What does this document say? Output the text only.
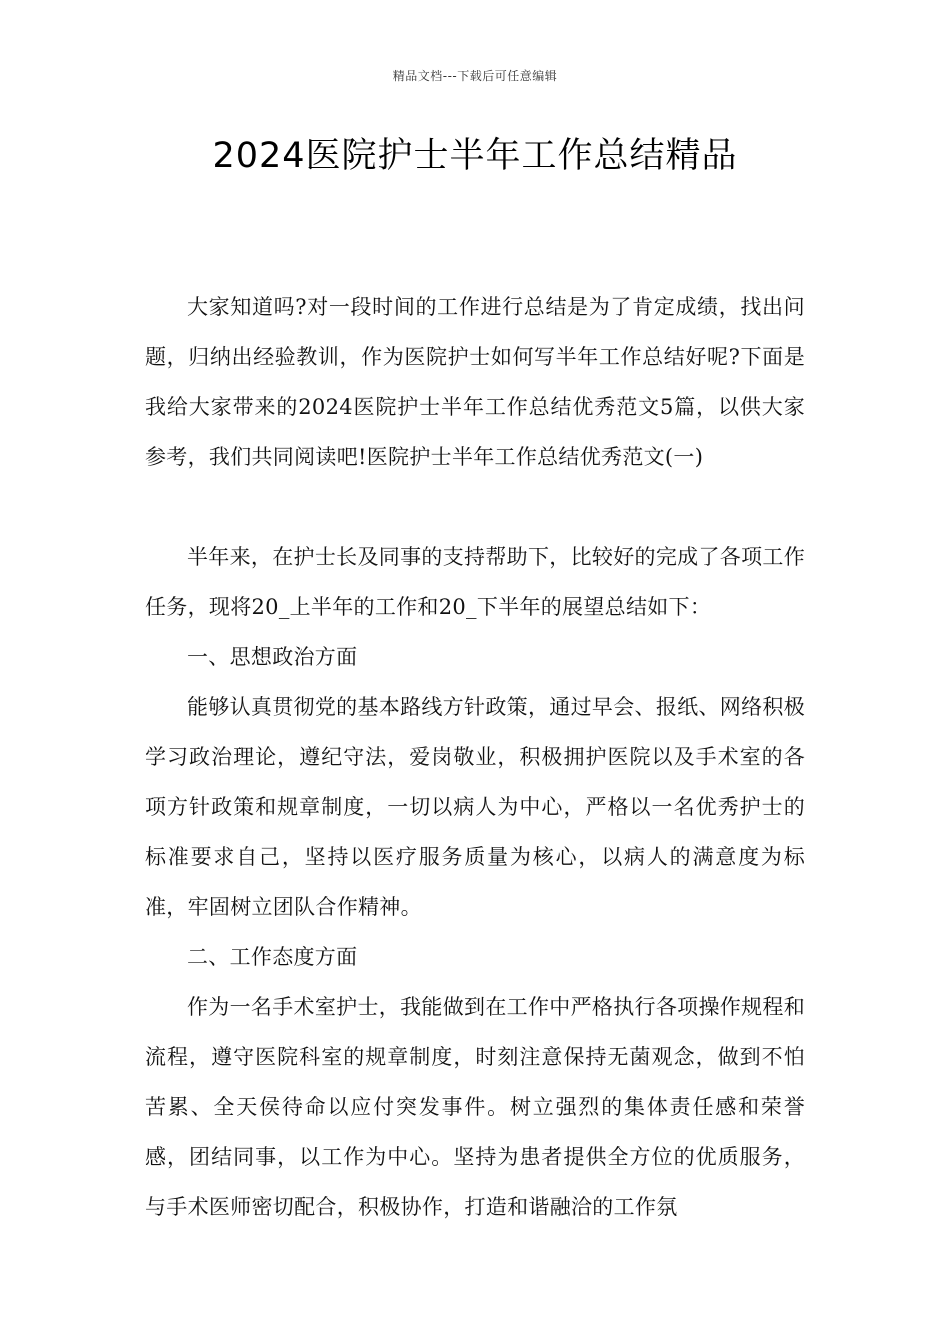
精品文档---下载后可任意编辑
2024医院护士半年工作总结精品

大家知道吗?对一段时间的工作进行总结是为了肯定成绩，找出问题，归纳出经验教训，作为医院护士如何写半年工作总结好呢?下面是我给大家带来的2024医院护士半年工作总结优秀范文5篇，以供大家参考，我们共同阅读吧!医院护士半年工作总结优秀范文(一)

半年来，在护士长及同事的支持帮助下，比较好的完成了各项工作任务，现将20_上半年的工作和20_下半年的展望总结如下：

一、思想政治方面

能够认真贯彻党的基本路线方针政策，通过早会、报纸、网络积极学习政治理论，遵纪守法，爱岗敬业，积极拥护医院以及手术室的各项方针政策和规章制度，一切以病人为中心，严格以一名优秀护士的标准要求自己，坚持以医疗服务质量为核心，以病人的满意度为标准，牢固树立团队合作精神。

二、工作态度方面

作为一名手术室护士，我能做到在工作中严格执行各项操作规程和流程，遵守医院科室的规章制度，时刻注意保持无菌观念，做到不怕苦累、全天侯待命以应付突发事件。树立强烈的集体责任感和荣誉感，团结同事，以工作为中心。坚持为患者提供全方位的优质服务，与手术医师密切配合，积极协作，打造和谐融洽的工作氛
